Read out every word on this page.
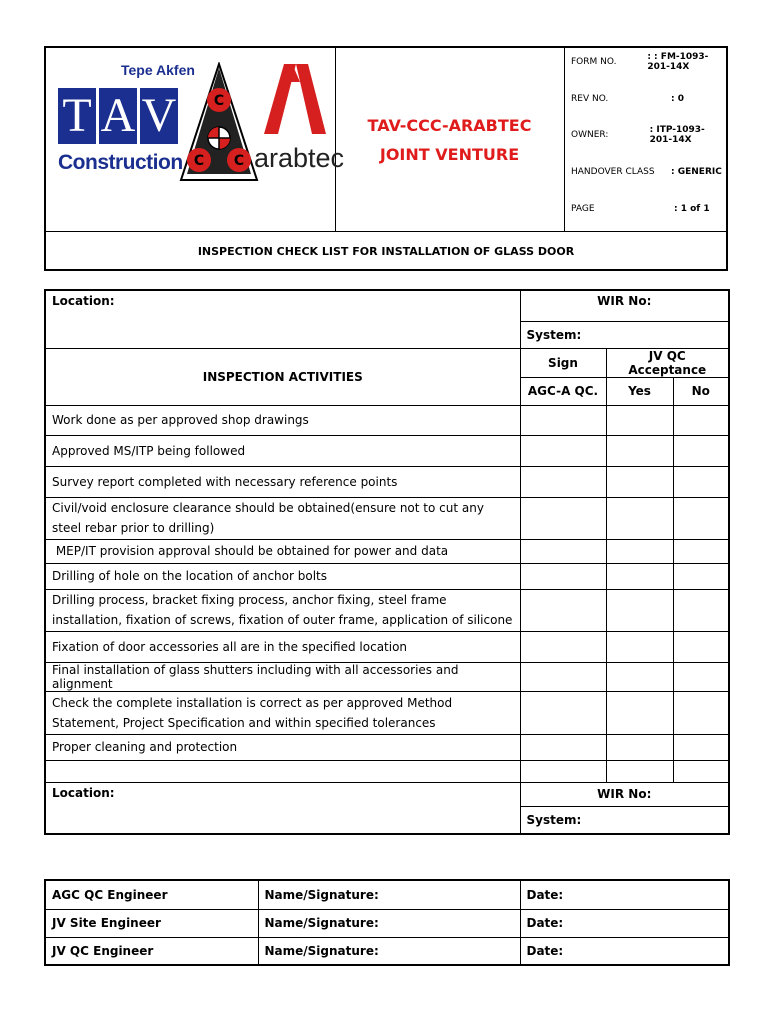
Tepe Akfen
T A V
Construction
C
C C arabtec
TAV-CCC-ARABTEC
JOINT VENTURE
FORM NO.	: : FM-1093-201-14X
REV NO.	: 0
OWNER:	: ITP-1093-201-14X
HANDOVER CLASS	: GENERIC
PAGE	: 1 of 1
INSPECTION CHECK LIST FOR INSTALLATION OF GLASS DOOR
Location:	WIR No:		
	System:		
INSPECTION ACTIVITIES	Sign	JV QC Acceptance	
	AGC-A QC.	Yes	No
Work done as per approved shop drawings			
Approved MS/ITP being followed			
Survey report completed with necessary reference points			
Civil/void enclosure clearance should be obtained(ensure not to cut any steel rebar prior to drilling)			
MEP/IT provision approval should be obtained for power and data			
Drilling of hole on the location of anchor bolts			
Drilling process, bracket fixing process, anchor fixing, steel frame installation, fixation of screws, fixation of outer frame, application of silicone			
Fixation of door accessories all are in the specified location			
Final installation of glass shutters including with all accessories and alignment			
Check the complete installation is correct as per approved Method Statement, Project Specification and within specified tolerances			
Proper cleaning and protection			

Location:	WIR No:		
	System:		
AGC QC Engineer	Name/Signature:	Date:
JV Site Engineer	Name/Signature:	Date:
JV QC Engineer	Name/Signature:	Date:
